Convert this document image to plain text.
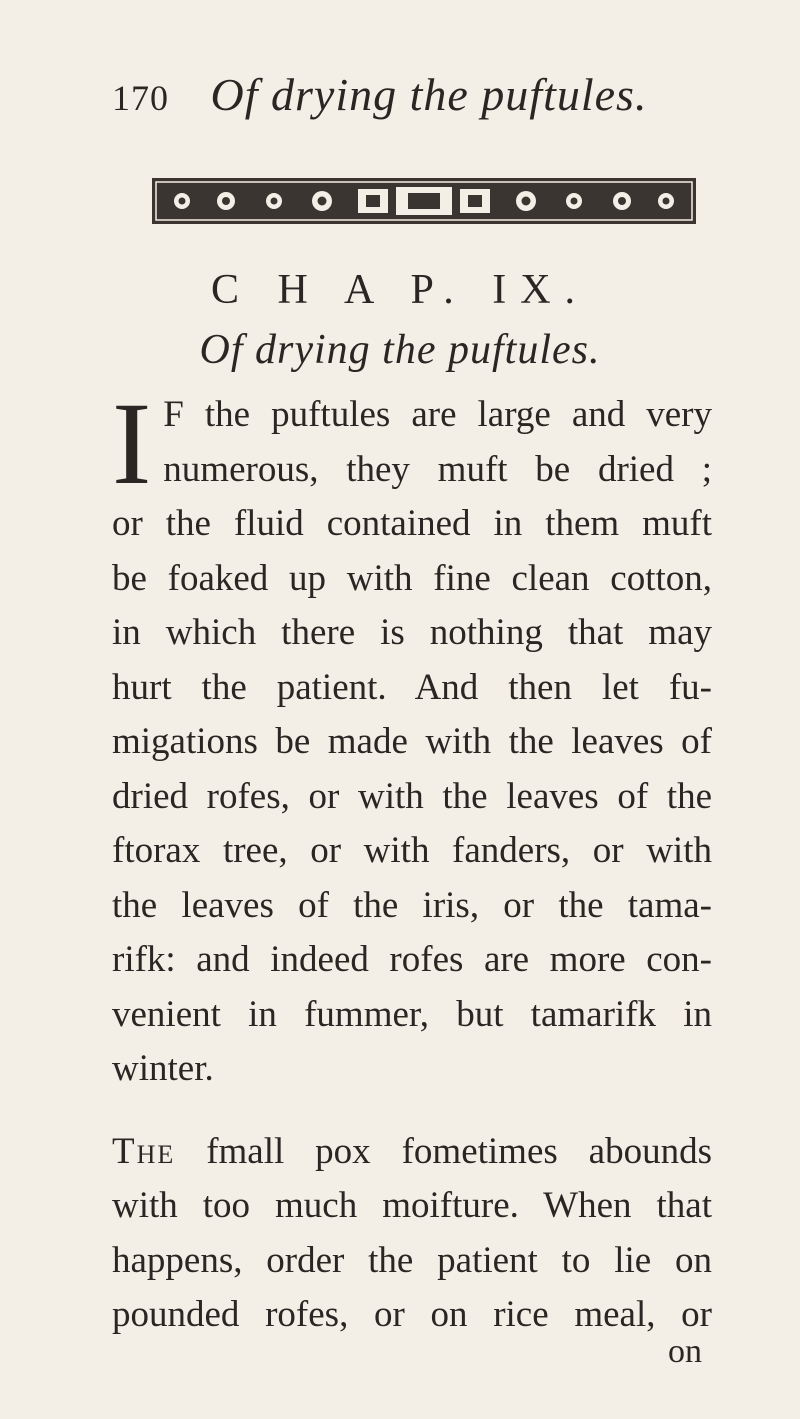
170 Of drying the puftules.
C H A P. IX.
Of drying the puftules.
I F the puftules are large and very
numerous, they muft be dried ;
or the fluid contained in them muft
be foaked up with fine clean cotton,
in which there is nothing that may
hurt the patient. And then let fu-
migations be made with the leaves of
dried rofes, or with the leaves of the
ftorax tree, or with fanders, or with
the leaves of the iris, or the tama-
rifk: and indeed rofes are more con-
venient in fummer, but tamarifk in
winter.
The fmall pox fometimes abounds
with too much moifture. When that
happens, order the patient to lie on
pounded rofes, or on rice meal, or
on
